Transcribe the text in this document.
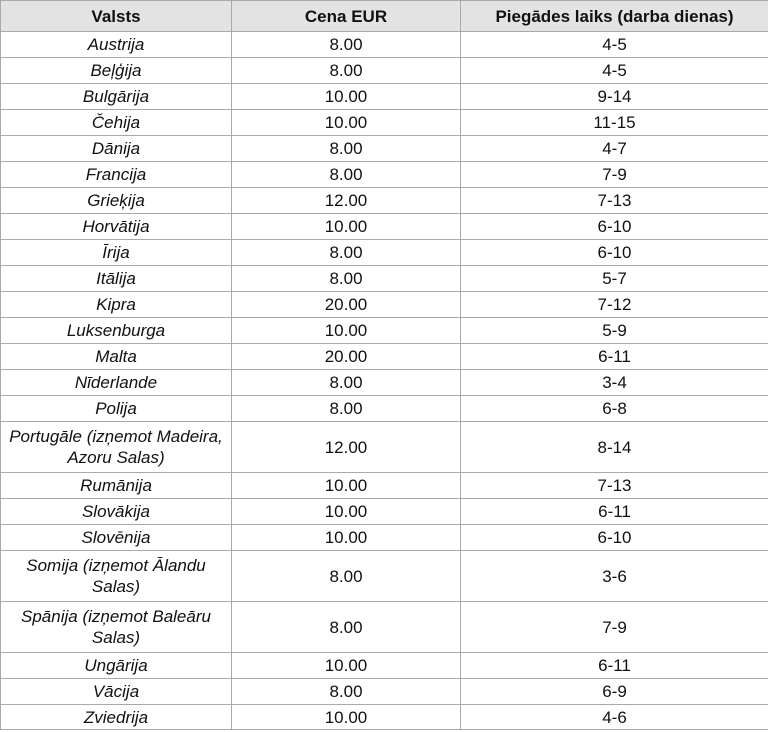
Valsts	Cena EUR	Piegādes laiks (darba dienas)
Austrija	8.00	4-5
Beļģija	8.00	4-5
Bulgārija	10.00	9-14
Čehija	10.00	11-15
Dānija	8.00	4-7
Francija	8.00	7-9
Grieķija	12.00	7-13
Horvātija	10.00	6-10
Īrija	8.00	6-10
Itālija	8.00	5-7
Kipra	20.00	7-12
Luksenburga	10.00	5-9
Malta	20.00	6-11
Nīderlande	8.00	3-4
Polija	8.00	6-8
Portugāle (izņemot Madeira, Azoru Salas)	12.00	8-14
Rumānija	10.00	7-13
Slovākija	10.00	6-11
Slovēnija	10.00	6-10
Somija (izņemot Ālandu Salas)	8.00	3-6
Spānija (izņemot Baleāru Salas)	8.00	7-9
Ungārija	10.00	6-11
Vācija	8.00	6-9
Zviedrija	10.00	4-6
